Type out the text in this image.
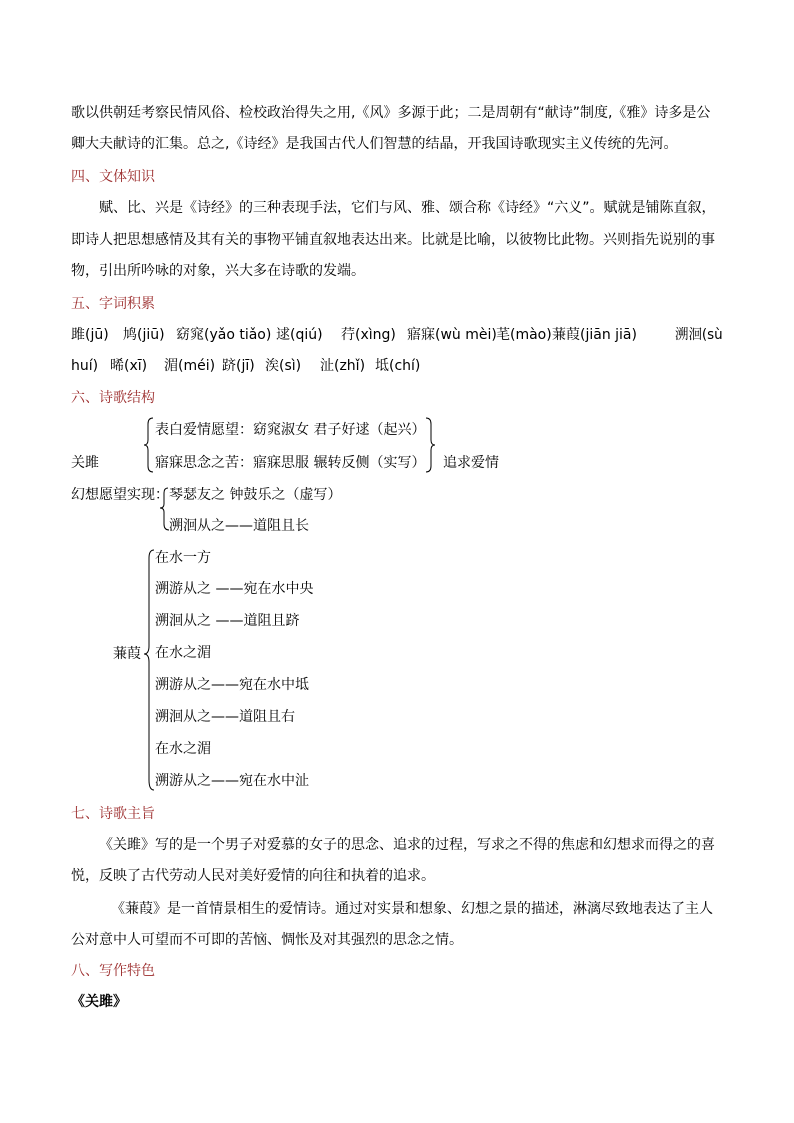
歌以供朝廷考察民情风俗、检校政治得失之用,《风》多源于此；二是周朝有“献诗”制度,《雅》诗多是公
卿大夫献诗的汇集。总之,《诗经》是我国古代人们智慧的结晶，开我国诗歌现实主义传统的先河。
四、文体知识
赋、比、兴是《诗经》的三种表现手法，它们与风、雅、颂合称《诗经》“六义”。赋就是铺陈直叙，
即诗人把思想感情及其有关的事物平铺直叙地表达出来。比就是比喻，以彼物比此物。兴则指先说别的事
物，引出所吟咏的对象，兴大多在诗歌的发端。
五、字词积累
雎(jū) 鸠(jiū) 窈窕(yǎo tiǎo) 逑(qiú) 荇(xìng) 寤寐(wù mèi) 芼(mào) 蒹葭(jiān jiā)	溯洄(sù
huí) 晞(xī) 湄(méi) 跻(jī) 涘(sì) 沚(zhǐ) 坻(chí)
六、诗歌结构
关雎
表白爱情愿望：窈窕淑女 君子好逑（起兴）
寤寐思念之苦：寤寐思服 辗转反侧（实写） 追求爱情
幻想愿望实现： 琴瑟友之 钟鼓乐之（虚写）
溯洄从之——道阻且长
蒹葭
在水一方
溯游从之 ——宛在水中央
溯洄从之 ——道阻且跻
在水之湄
溯游从之——宛在水中坻
溯洄从之——道阻且右
在水之湄
溯游从之——宛在水中沚
七、诗歌主旨
《关雎》写的是一个男子对爱慕的女子的思念、追求的过程，写求之不得的焦虑和幻想求而得之的喜
悦，反映了古代劳动人民对美好爱情的向往和执着的追求。
《蒹葭》是一首情景相生的爱情诗。通过对实景和想象、幻想之景的描述，淋漓尽致地表达了主人
公对意中人可望而不可即的苦恼、惆怅及对其强烈的思念之情。
八、写作特色
《关雎》
